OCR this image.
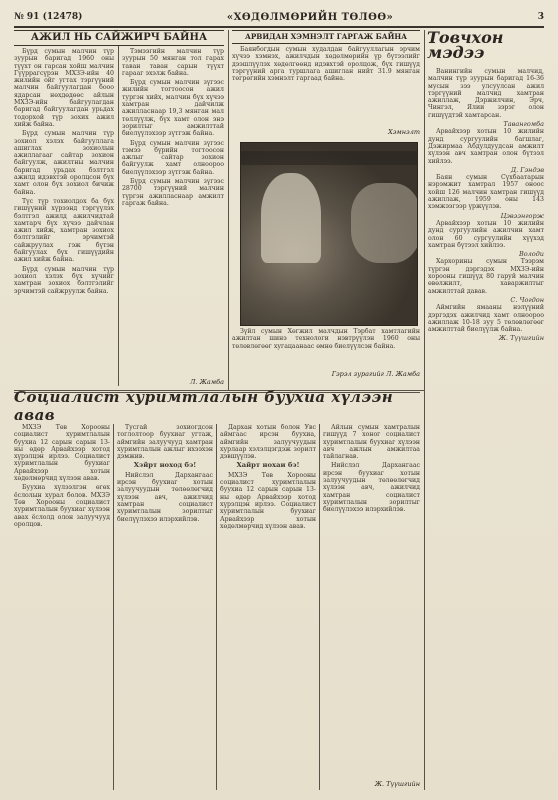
№ 91 (12478)	«ХӨДӨЛМӨРИЙН ТӨЛӨӨ»	3
АЖИЛ НЬ САЙЖИРЧ БАЙНА

Бүрд сумын малчин түр зуурын баригад 1960 оны түүхт он гарсан хойш малчин Гүүррагсүрэн МХЗЭ-ийн 40 жилийн ойг угтах тэргүүний малчин байгуулагдан бооо ядарсан нөхдөдөөс айлын МХЗЭ-ийн байгуулагдан баригад байгуулагдан урьдах тодорхой түр зохих ажил хийж байна.

Бүрд сумын малчин түр зохиол хэлэх байгууллага ашиглах зохиолын ажиллагааг сайтар зохион байгуулж, ажилтны малчин баригад урьдах бэлтгэл ажилд идэвхтэй оролцсон бүх хамт олон бүх зохиол бичиж байна.

Түс түр тохиолдох ба бүх гишүүний хүрээнд тэргүүлэх бэлтгэл ажилд ажилчидтай хамтарч бүх хүчээ дайчлан ажил хийж, хамтран зохиох бэлтгэлийг эрчимтэй сайжруулах гэж бүтэн байгуулах бүх гишүүдийн ажил хийж байна.

Бүрд сумын малчин түр зохиол хэлэх бүх хүчийг хамтран зохиох бэлтгэлийг эрчимтэй сайжруулж байна.

Тэмээгийн малчин түр зуурын 50 мянган тол гарах таван таван сарын түүхт гарааг эхэлж байна.

Бүрд сумын малчин зүгээс жилийн тогтоосон ажил тургэн хийх, малчин бүх хүчээ хамтран дайчилж ажилласнаар 19,3 мянган мал төллүүлж, бүх хамт олон энэ зорилтыг амжилттай биелүүлэхээр зүтгэж байна.

Бүрд сумын малчин зүгээс тэмээ бүрийн тогтоосон ажлыг сайтар зохион байгуулж хамт олноороо биелүүлэхээр зүтгэж байна.

Бүрд сумын малчин зүгээс 28700 тэргүүний малчин түргэн ажилласнаар амжилт гаргаж байна.

Л. Жамба
АРВИДАН ХЭМНЭЛТ ГАРГАЖ БАЙНА

Баянбогдын сумын худалдан байгууллагын эрчим хүчээ хэмнэх, ажилчдын хөдөлмөрийн үр бүтээлийг дээшлүүлэх хөдөлгөөнд идэвхтэй оролцож, бүх гишүүд тэргүүний арга туршлага ашиглан нийт 31.9 мянган төгрөгийн хэмнэлт гаргаад байна.

Хэмнэлт

Зүйл сумын Хөгжил малчдын Тэрбат хамтлагийн ажилтан шинэ технологи нэвтрүүлэн 1960 оны төлөвлөгөөг хугацаанаас өмнө биелүүлсэн байна.

Гэрэл зурагийг Л. Жамба
Товчхон
мэдээ

Ванингийн сумын малчид, малчин түр зуурын баригад 16-36 мусын зээ улсуулсан ажил тэргүүний малчид хамтран ажиллаж, Дэржилчин, Эрч, Чингэл, Ялии зэрэг олон гишүүдтэй хамтарсан.

Тавангомба

Арвайхээр хотын 10 жилийн дунд сургуулийн багшлаг, Дэжирмаа Абдулдуудсан амжилт хүлээн авч хамтран олон бүтээл хийлээ.

Д. Гэндэв

Баян сумын Сүхбаатарын нэрэмжит хамтрал 1957 оноос хойш 126 малчин хамтран гишүүд ажиллаж, 1959 оны 143 хэмжээгээр үржүүлэв.

Цэвээнгорж

Арвайхээр хотын 10 жилийн дунд сургуулийн ажилчин хамт олон 60 сургуулийн хүүхэд хамтран бүтээл хийлээ.

Володи

Хархорины сумын Тээрэм түргэн дэргэдэх МХЗЭ-ийн хорооны гишүүд 80 гаруй малчин өвөлжилт, хаваржилтыг амжилттай давав.

С. Чогдон

Аймгийн ямааны нэлүүний дэргэдэх ажилчид хамт олноороо ажиллаж 10-18 зуу 5 төлөвлөгөөг амжилттай биелүүлж байна.

Ж. Түүшгийн
Социалист хуримтлалын буухиа хүлээн авав

МХЗЭ Төв Хорооны социалист хуримтлалын буухиа 12 сарын сарын 13-ны өдөр Арвайхээр хотод хүрэлцэн ирлээ. Социалист хуримтлалын буухиаг Арвайхээр хотын хөдөлмөрчид хүлээн авав.

Буухиа хүлээлгэн өгөх ёслолын хурал болов. МХЗЭ Төв Хорооны социалист хуримтлалын буухиаг хүлээн авах ёслолд олон залуучууд оролцов.

Тусгай зохиогдсон тоглолтоор буухиаг угтаж, аймгийн залуучууд хамтран хуримтлалын ажлыг ихээхэн дэмжив.

Хэйрт ноход бэ!

Нийслэл Дархангаас ирсэн буухиаг хотын залуучуудын төлөөлөгчид хүлээн авч, ажилчид хамтран социалист хуримтлалын зорилтыг биелүүлэхээ илэрхийлэв.

Дархан хотын болон Увс аймгаас ирсэн буухиа, аймгийн залуучуудын хурлаар хэлэлцэгдэж зорилт дэвшүүлэв.

Хайрт нохаи бэ!

МХЗЭ Төв Хорооны социалист хуримтлалын буухиа 12 сарын сарын 13-ны өдөр Арвайхээр хотод хүрэлцэн ирлээ. Социалист хуримтлалын буухиаг Арвайхээр хотын хөдөлмөрчид хүлээн авав.

Айлын сумын хамтралын гишүүд 7 хоног социалист хуримтлалын буухиаг хүлээн авч ажлын амжилтаа тайлагнав.

Нийслэл Дархангаас ирсэн буухиаг хотын залуучуудын төлөөлөгчид хүлээн авч, ажилчид хамтран социалист хуримтлалын зорилтыг биелүүлэхээ илэрхийлэв.

Ж. Түүшгийн
